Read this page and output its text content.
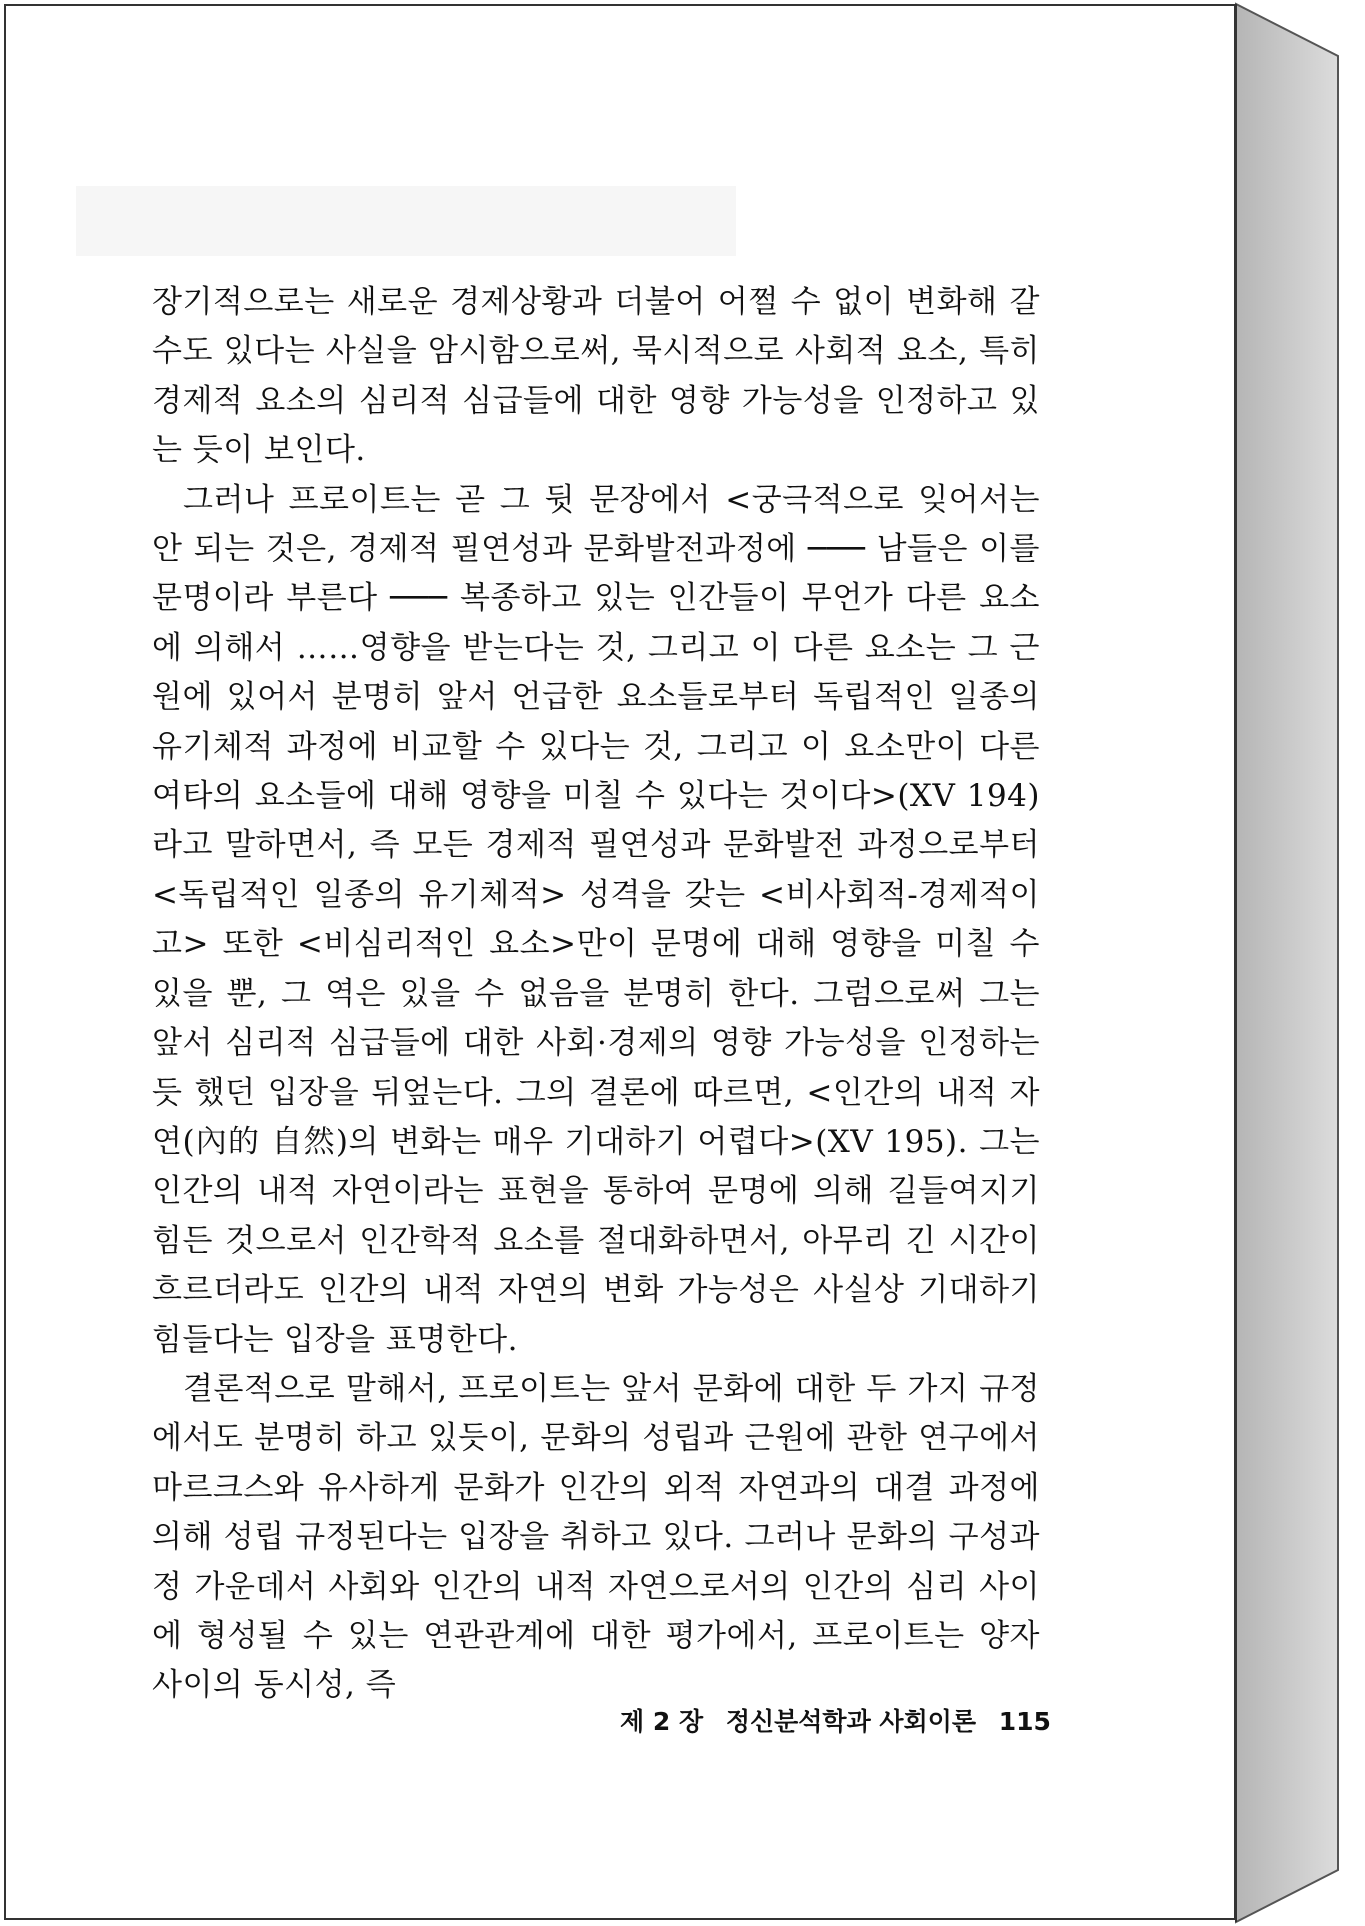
장기적으로는 새로운 경제상황과 더불어 어쩔 수 없이 변화해 갈 수도 있다는 사실을 암시함으로써, 묵시적으로 사회적 요소, 특히 경제적 요소의 심리적 심급들에 대한 영향 가능성을 인정하고 있는 듯이 보인다.

그러나 프로이트는 곧 그 뒷 문장에서 <궁극적으로 잊어서는 안 되는 것은, 경제적 필연성과 문화발전과정에 ─── 남들은 이를 문명이라 부른다 ─── 복종하고 있는 인간들이 무언가 다른 요소에 의해서 ……영향을 받는다는 것, 그리고 이 다른 요소는 그 근원에 있어서 분명히 앞서 언급한 요소들로부터 독립적인 일종의 유기체적 과정에 비교할 수 있다는 것, 그리고 이 요소만이 다른 여타의 요소들에 대해 영향을 미칠 수 있다는 것이다>(XV 194)라고 말하면서, 즉 모든 경제적 필연성과 문화발전 과정으로부터 <독립적인 일종의 유기체적> 성격을 갖는 <비사회적-경제적이고> 또한 <비심리적인 요소>만이 문명에 대해 영향을 미칠 수 있을 뿐, 그 역은 있을 수 없음을 분명히 한다. 그럼으로써 그는 앞서 심리적 심급들에 대한 사회·경제의 영향 가능성을 인정하는듯 했던 입장을 뒤엎는다. 그의 결론에 따르면, <인간의 내적 자연(內的 自然)의 변화는 매우 기대하기 어렵다>(XV 195). 그는 인간의 내적 자연이라는 표현을 통하여 문명에 의해 길들여지기 힘든 것으로서 인간학적 요소를 절대화하면서, 아무리 긴 시간이 흐르더라도 인간의 내적 자연의 변화 가능성은 사실상 기대하기 힘들다는 입장을 표명한다.

결론적으로 말해서, 프로이트는 앞서 문화에 대한 두 가지 규정에서도 분명히 하고 있듯이, 문화의 성립과 근원에 관한 연구에서 마르크스와 유사하게 문화가 인간의 외적 자연과의 대결 과정에 의해 성립 규정된다는 입장을 취하고 있다. 그러나 문화의 구성과정 가운데서 사회와 인간의 내적 자연으로서의 인간의 심리 사이에 형성될 수 있는 연관관계에 대한 평가에서, 프로이트는 양자 사이의 동시성, 즉

제 2 장 정신분석학과 사회이론 115
